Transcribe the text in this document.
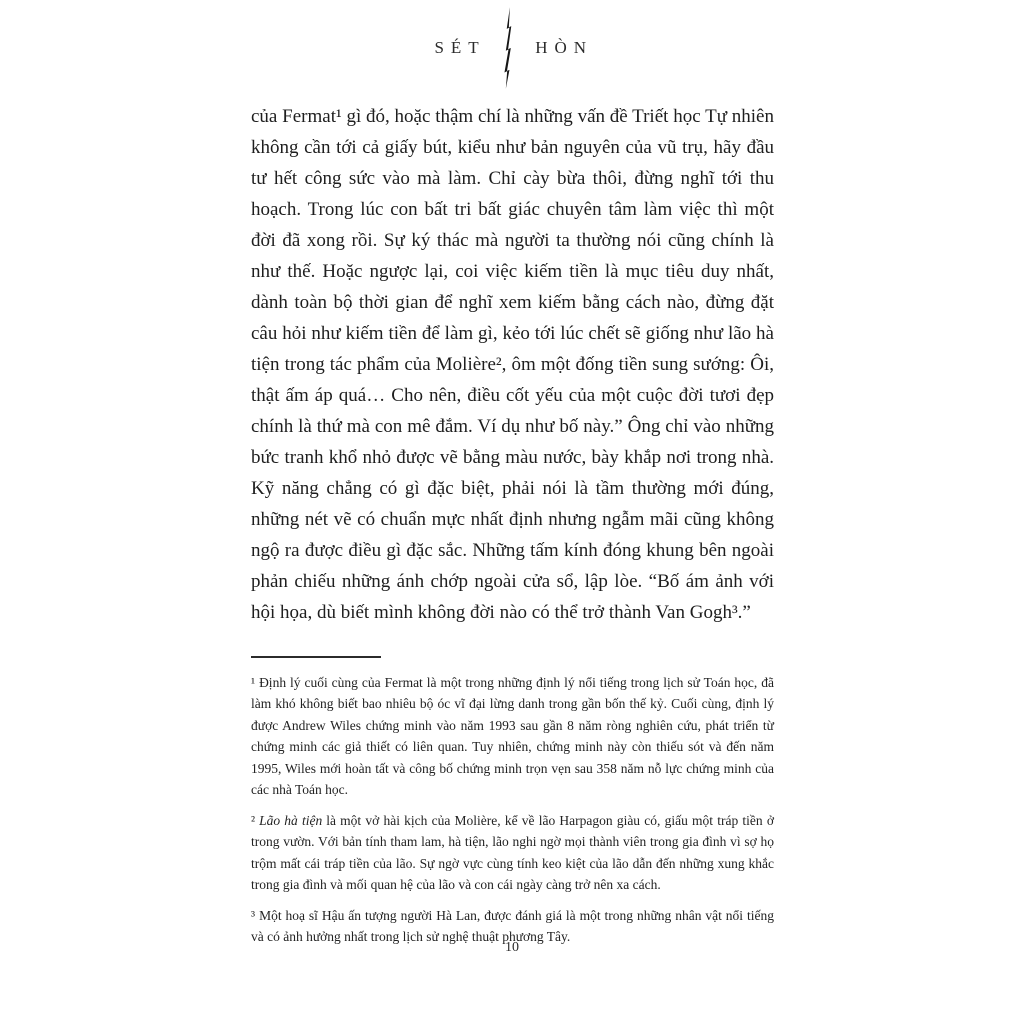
SÉT	HÒN

của Fermat¹ gì đó, hoặc thậm chí là những vấn đề Triết học Tự nhiên không cần tới cả giấy bút, kiểu như bản nguyên của vũ trụ, hãy đầu tư hết công sức vào mà làm. Chỉ cày bừa thôi, đừng nghĩ tới thu hoạch. Trong lúc con bất tri bất giác chuyên tâm làm việc thì một đời đã xong rồi. Sự ký thác mà người ta thường nói cũng chính là như thế. Hoặc ngược lại, coi việc kiếm tiền là mục tiêu duy nhất, dành toàn bộ thời gian để nghĩ xem kiếm bằng cách nào, đừng đặt câu hỏi như kiếm tiền để làm gì, kẻo tới lúc chết sẽ giống như lão hà tiện trong tác phẩm của Molière², ôm một đống tiền sung sướng: Ôi, thật ấm áp quá… Cho nên, điều cốt yếu của một cuộc đời tươi đẹp chính là thứ mà con mê đắm. Ví dụ như bố này.” Ông chỉ vào những bức tranh khổ nhỏ được vẽ bằng màu nước, bày khắp nơi trong nhà. Kỹ năng chẳng có gì đặc biệt, phải nói là tầm thường mới đúng, những nét vẽ có chuẩn mực nhất định nhưng ngẫm mãi cũng không ngộ ra được điều gì đặc sắc. Những tấm kính đóng khung bên ngoài phản chiếu những ánh chớp ngoài cửa sổ, lập lòe. “Bố ám ảnh với hội họa, dù biết mình không đời nào có thể trở thành Van Gogh³.”

¹ Định lý cuối cùng của Fermat là một trong những định lý nổi tiếng trong lịch sử Toán học, đã làm khó không biết bao nhiêu bộ óc vĩ đại lừng danh trong gần bốn thế kỷ. Cuối cùng, định lý được Andrew Wiles chứng minh vào năm 1993 sau gần 8 năm ròng nghiên cứu, phát triển từ chứng minh các giả thiết có liên quan. Tuy nhiên, chứng minh này còn thiếu sót và đến năm 1995, Wiles mới hoàn tất và công bố chứng minh trọn vẹn sau 358 năm nỗ lực chứng minh của các nhà Toán học.

² Lão hà tiện là một vở hài kịch của Molière, kể về lão Harpagon giàu có, giấu một tráp tiền ở trong vườn. Với bản tính tham lam, hà tiện, lão nghi ngờ mọi thành viên trong gia đình vì sợ họ trộm mất cái tráp tiền của lão. Sự ngờ vực cùng tính keo kiệt của lão dẫn đến những xung khắc trong gia đình và mối quan hệ của lão và con cái ngày càng trở nên xa cách.

³ Một hoạ sĩ Hậu ấn tượng người Hà Lan, được đánh giá là một trong những nhân vật nổi tiếng và có ảnh hưởng nhất trong lịch sử nghệ thuật phương Tây.

10
